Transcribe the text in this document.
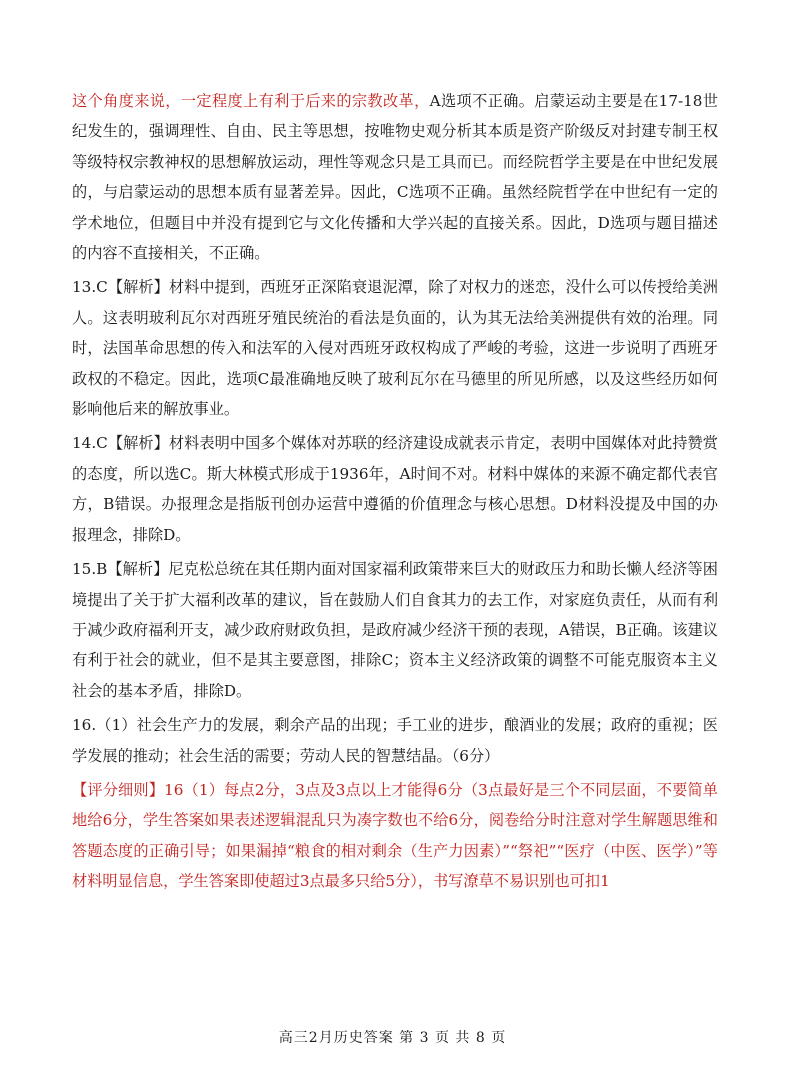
这个角度来说，一定程度上有利于后来的宗教改革，A选项不正确。启蒙运动主要是在17-18世纪发生的，强调理性、自由、民主等思想，按唯物史观分析其本质是资产阶级反对封建专制王权等级特权宗教神权的思想解放运动，理性等观念只是工具而已。而经院哲学主要是在中世纪发展的，与启蒙运动的思想本质有显著差异。因此，C选项不正确。虽然经院哲学在中世纪有一定的学术地位，但题目中并没有提到它与文化传播和大学兴起的直接关系。因此，D选项与题目描述的内容不直接相关，不正确。

13.C【解析】材料中提到，西班牙正深陷衰退泥潭，除了对权力的迷恋，没什么可以传授给美洲人。这表明玻利瓦尔对西班牙殖民统治的看法是负面的，认为其无法给美洲提供有效的治理。同时，法国革命思想的传入和法军的入侵对西班牙政权构成了严峻的考验，这进一步说明了西班牙政权的不稳定。因此，选项C最准确地反映了玻利瓦尔在马德里的所见所感，以及这些经历如何影响他后来的解放事业。

14.C【解析】材料表明中国多个媒体对苏联的经济建设成就表示肯定，表明中国媒体对此持赞赏的态度，所以选C。斯大林模式形成于1936年，A时间不对。材料中媒体的来源不确定都代表官方，B错误。办报理念是指版刊创办运营中遵循的价值理念与核心思想。D材料没提及中国的办报理念，排除D。

15.B【解析】尼克松总统在其任期内面对国家福利政策带来巨大的财政压力和助长懒人经济等困境提出了关于扩大福利改革的建议，旨在鼓励人们自食其力的去工作，对家庭负责任，从而有利于减少政府福利开支，减少政府财政负担，是政府减少经济干预的表现，A错误，B正确。该建议有利于社会的就业，但不是其主要意图，排除C；资本主义经济政策的调整不可能克服资本主义社会的基本矛盾，排除D。

16.（1）社会生产力的发展，剩余产品的出现；手工业的进步，酿酒业的发展；政府的重视；医学发展的推动；社会生活的需要；劳动人民的智慧结晶。（6分）

【评分细则】16（1）每点2分，3点及3点以上才能得6分（3点最好是三个不同层面，不要简单地给6分，学生答案如果表述逻辑混乱只为凑字数也不给6分，阅卷给分时注意对学生解题思维和答题态度的正确引导；如果漏掉“粮食的相对剩余（生产力因素）”“祭祀”“医疗（中医、医学）”等材料明显信息，学生答案即使超过3点最多只给5分），书写潦草不易识别也可扣1

高三2月历史答案 第 3 页 共 8 页
